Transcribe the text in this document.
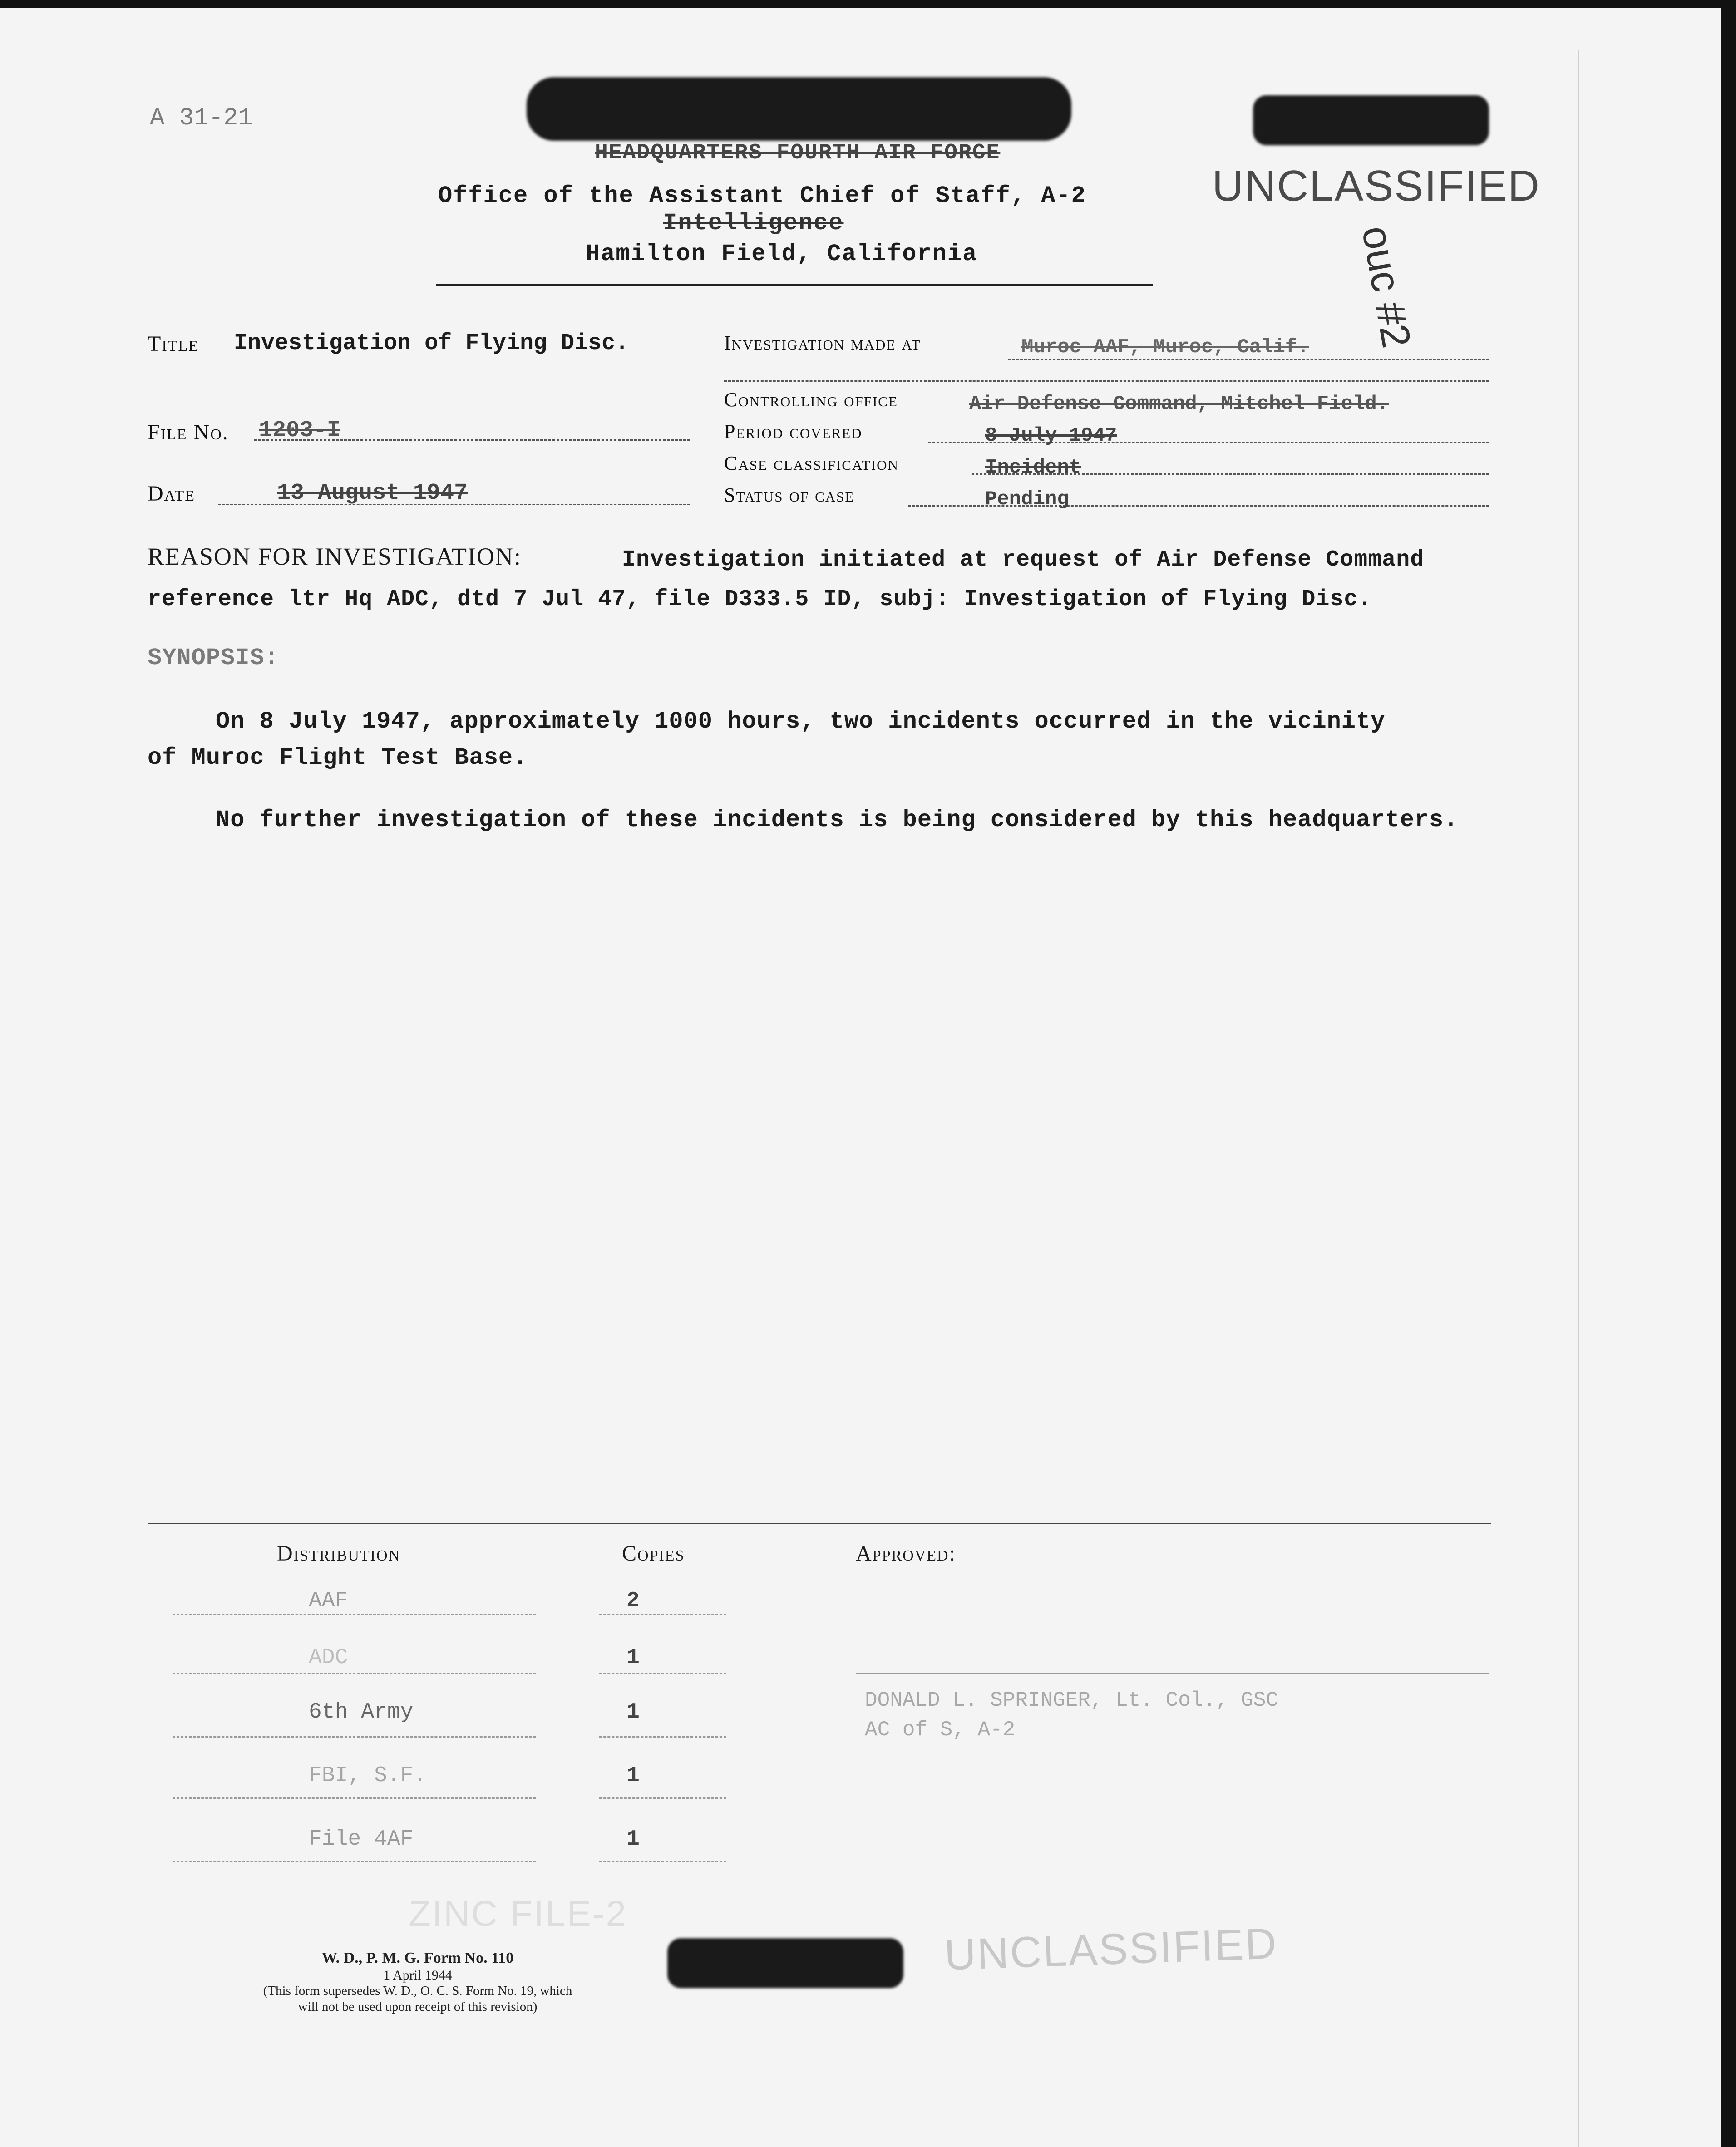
A 31-21
HEADQUARTERS FOURTH AIR FORCE
Office of the Assistant Chief of Staff, A-2
Intelligence
Hamilton Field, California
UNCLASSIFIED
ouc #2
Title Investigation of Flying Disc.
File No. 1203-I
Date	13 August 1947
Investigation made at	Muroc AAF, Muroc, Calif.
Controlling office	Air Defense Command, Mitchel Field.
Period covered	8 July 1947
Case classification	Incident
Status of case	Pending
REASON FOR INVESTIGATION:	Investigation initiated at request of Air Defense Command
reference ltr Hq ADC, dtd 7 Jul 47, file D333.5 ID, subj: Investigation of Flying Disc.
SYNOPSIS:
On 8 July 1947, approximately 1000 hours, two incidents occurred in the vicinity
of Muroc Flight Test Base.
No further investigation of these incidents is being considered by this headquarters.
Distribution	Copies	Approved:
AAF	2
ADC	1
6th Army	1
FBI, S.F.	1
File 4AF	1
DONALD L. SPRINGER, Lt. Col., GSC
AC of S, A-2
ZINC FILE-2
UNCLASSIFIED
W. D., P. M. G. Form No. 110
1 April 1944
(This form supersedes W. D., O. C. S. Form No. 19, which
will not be used upon receipt of this revision)
